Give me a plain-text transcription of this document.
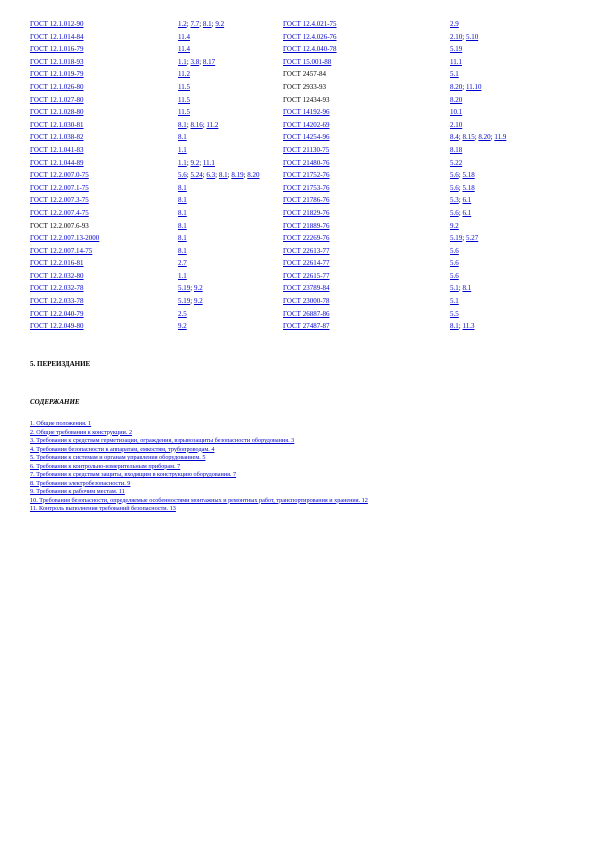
ГОСТ 12.1.012-90	1.2; 7.7; 8.1; 9.2	ГОСТ 12.4.021-75	2.9
ГОСТ 12.1.014-84	11.4	ГОСТ 12.4.026-76	2.10; 5.10
ГОСТ 12.1.016-79	11.4	ГОСТ 12.4.040-78	5.19
ГОСТ 12.1.018-93	1.1; 3.8; 8.17	ГОСТ 15.001-88	11.1
ГОСТ 12.1.019-79	11.2	ГОСТ 2457-84	5.1
ГОСТ 12.1.026-80	11.5	ГОСТ 2933-93	8.20; 11.10
ГОСТ 12.1.027-80	11.5	ГОСТ 12434-93	8.20
ГОСТ 12.1.028-80	11.5	ГОСТ 14192-96	10.1
ГОСТ 12.1.030-81	8.1; 8.16; 11.2	ГОСТ 14202-69	2.10
ГОСТ 12.1.038-82	8.1	ГОСТ 14254-96	8.4; 8.15; 8.20; 11.9
ГОСТ 12.1.041-83	1.1	ГОСТ 21130-75	8.18
ГОСТ 12.1.044-89	1.1; 9.2; 11.1	ГОСТ 21480-76	5.22
ГОСТ 12.2.007.0-75	5.6; 5.24; 6.3; 8.1; 8.19; 8.20	ГОСТ 21752-76	5.6; 5.18
ГОСТ 12.2.007.1-75	8.1	ГОСТ 21753-76	5.6; 5.18
ГОСТ 12.2.007.3-75	8.1	ГОСТ 21786-76	5.3; 6.1
ГОСТ 12.2.007.4-75	8.1	ГОСТ 21829-76	5.6; 6.1
ГОСТ 12.2.007.6-93	8.1	ГОСТ 21889-76	9.2
ГОСТ 12.2.007.13-2000	8.1	ГОСТ 22269-76	5.19; 5.27
ГОСТ 12.2.007.14-75	8.1	ГОСТ 22613-77	5.6
ГОСТ 12.2.016-81	2.7	ГОСТ 22614-77	5.6
ГОСТ 12.2.032-80	1.1	ГОСТ 22615-77	5.6
ГОСТ 12.2.032-78	5.19; 9.2	ГОСТ 23789-84	5.1; 8.1
ГОСТ 12.2.033-78	5.19; 9.2	ГОСТ 23000-78	5.1
ГОСТ 12.2.040-79	2.5	ГОСТ 26887-86	5.5
ГОСТ 12.2.049-80	9.2	ГОСТ 27487-87	8.1; 11.3
5. ПЕРЕИЗДАНИЕ
СОДЕРЖАНИЕ
1. Общие положения. 1
2. Общие требования к конструкции. 2
3. Требования к средствам герметизации, ограждения, взрывозащиты безопасности оборудования. 3
4. Требования безопасности к аппаратам, емкостям, трубопроводам. 4
5. Требования к системам и органам управления оборудованием. 5
6. Требования к контрольно-измерительным приборам. 7
7. Требования к средствам защиты, входящим в конструкцию оборудования. 7
8. Требования электробезопасности. 9
9. Требования к рабочим местам. 11
10. Требования безопасности, определяемые особенностями монтажных и ремонтных работ, транспортирования и хранения. 12
11. Контроль выполнения требований безопасности. 13
